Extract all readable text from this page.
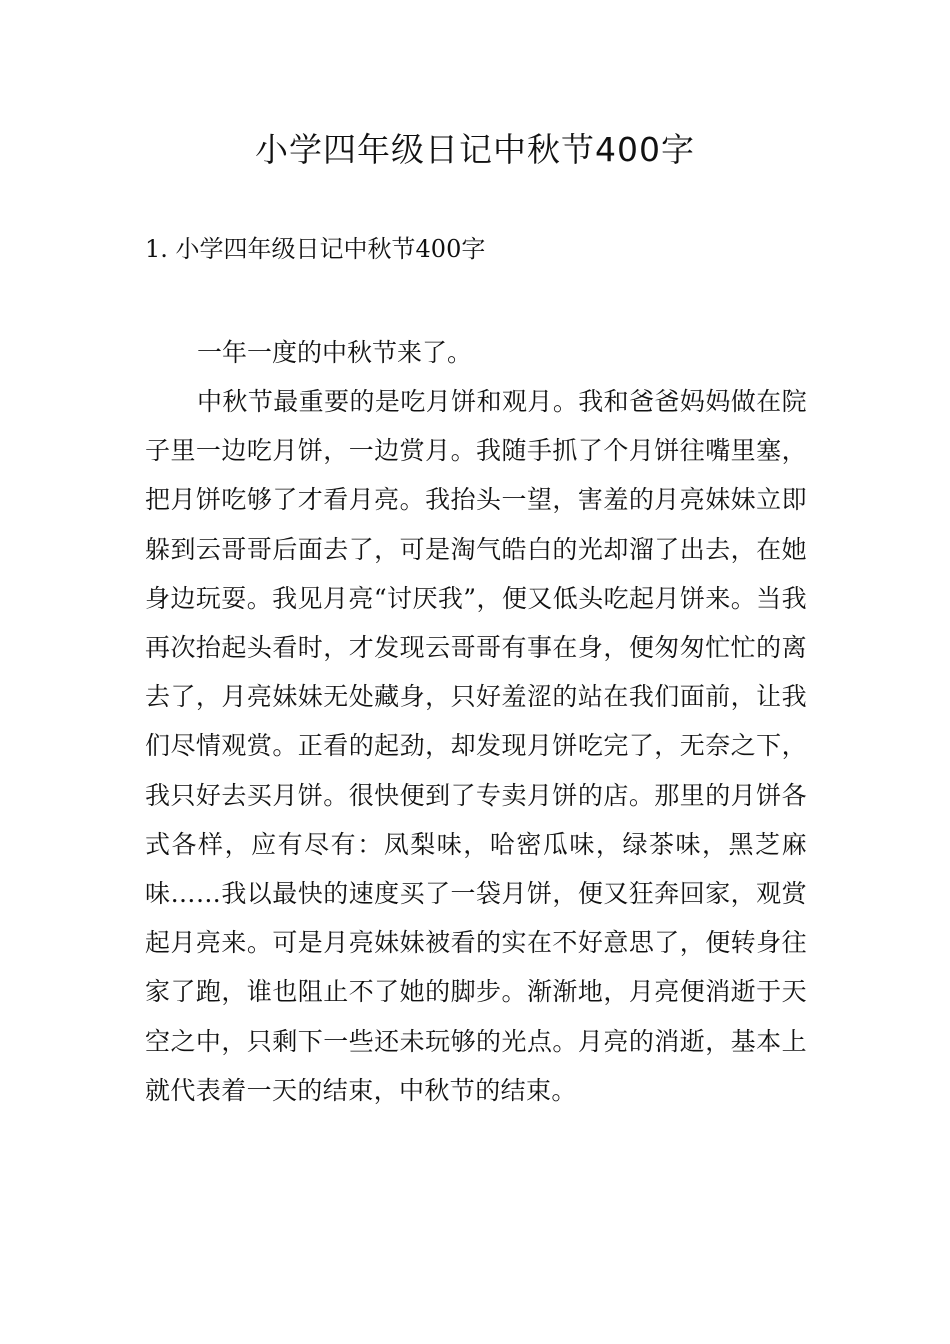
小学四年级日记中秋节400字
1. 小学四年级日记中秋节400字

一年一度的中秋节来了。

中秋节最重要的是吃月饼和观月。我和爸爸妈妈做在院子里一边吃月饼，一边赏月。我随手抓了个月饼往嘴里塞，把月饼吃够了才看月亮。我抬头一望，害羞的月亮妹妹立即躲到云哥哥后面去了，可是淘气皓白的光却溜了出去，在她身边玩耍。我见月亮“讨厌我”，便又低头吃起月饼来。当我再次抬起头看时，才发现云哥哥有事在身，便匆匆忙忙的离去了，月亮妹妹无处藏身，只好羞涩的站在我们面前，让我们尽情观赏。正看的起劲，却发现月饼吃完了，无奈之下，我只好去买月饼。很快便到了专卖月饼的店。那里的月饼各式各样，应有尽有：凤梨味，哈密瓜味，绿茶味，黑芝麻味……我以最快的速度买了一袋月饼，便又狂奔回家，观赏起月亮来。可是月亮妹妹被看的实在不好意思了，便转身往家了跑，谁也阻止不了她的脚步。渐渐地，月亮便消逝于天空之中，只剩下一些还未玩够的光点。月亮的消逝，基本上就代表着一天的结束，中秋节的结束。
